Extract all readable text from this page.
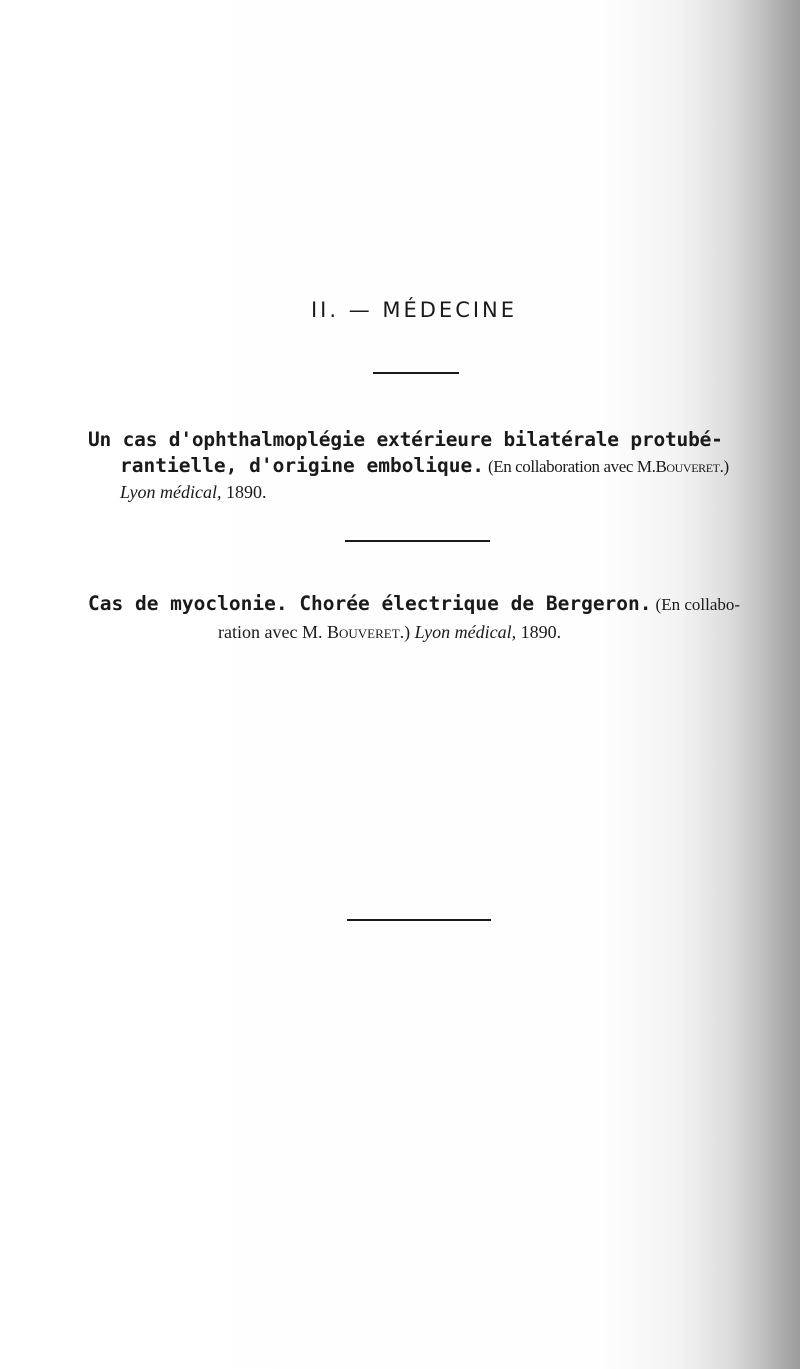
II. — MÉDECINE
Un cas d'ophthalmoplégie extérieure bilatérale protubé-
rantielle, d'origine embolique. (En collaboration avec M.Bouveret.)
Lyon médical, 1890.
Cas de myoclonie. Chorée électrique de Bergeron. (En collabo-
ration avec M. Bouveret.) Lyon médical, 1890.
